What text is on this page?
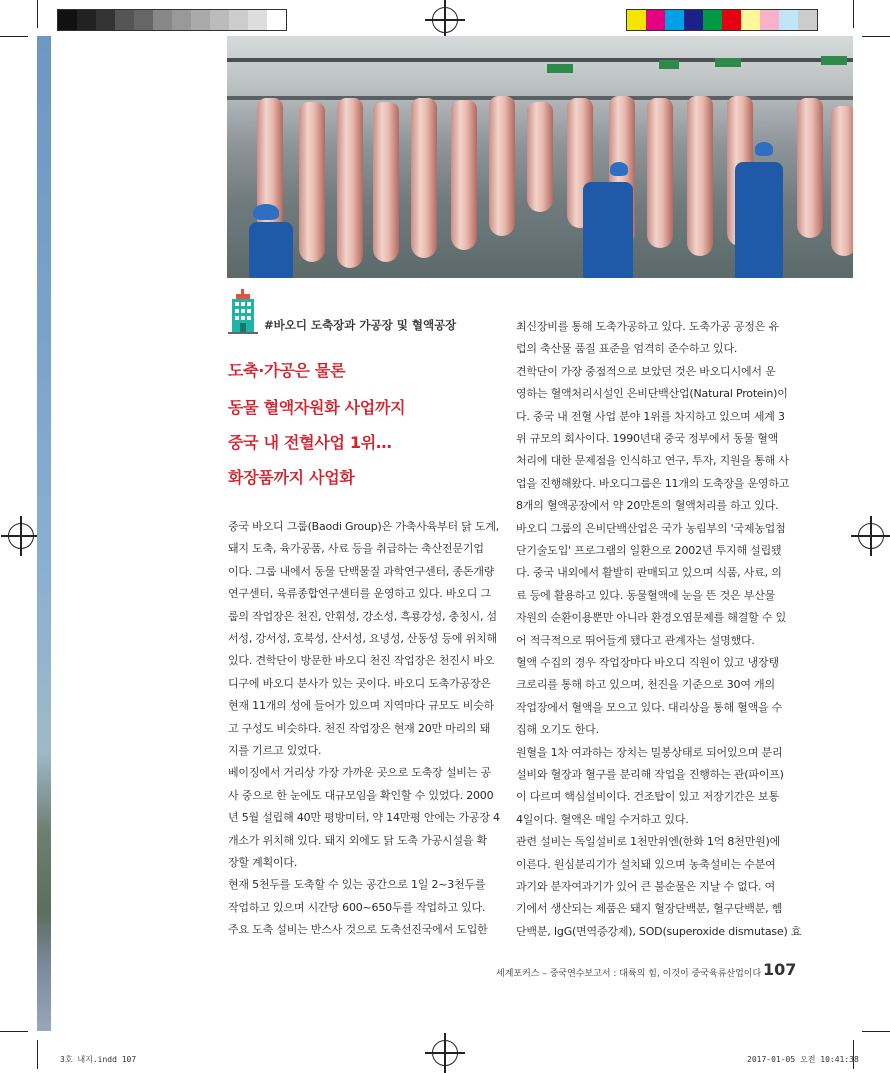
#바오디 도축장과 가공장 및 혈액공장
도축·가공은 물론
동물 혈액자원화 사업까지
중국 내 전혈사업 1위…
화장품까지 사업화
중국 바오디 그룹(Baodi Group)은 가축사육부터 닭 도계,
돼지 도축, 육가공품, 사료 등을 취급하는 축산전문기업
이다. 그룹 내에서 동물 단백물질 과학연구센터, 종돈개량
연구센터, 육류종합연구센터를 운영하고 있다. 바오디 그
룹의 작업장은 천진, 안휘성, 강소성, 흑룡강성, 충칭시, 섬
서성, 강서성, 호북성, 산서성, 요녕성, 산동성 등에 위치해
있다. 견학단이 방문한 바오디 천진 작업장은 천진시 바오
디구에 바오디 분사가 있는 곳이다. 바오디 도축가공장은
현재 11개의 성에 들어가 있으며 지역마다 규모도 비슷하
고 구성도 비슷하다. 천진 작업장은 현재 20만 마리의 돼
지를 기르고 있었다.
베이징에서 거리상 가장 가까운 곳으로 도축장 설비는 공
사 중으로 한 눈에도 대규모임을 확인할 수 있었다. 2000
년 5월 설립해 40만 평방미터, 약 14만평 안에는 가공장 4
개소가 위치해 있다. 돼지 외에도 닭 도축 가공시설을 확
장할 계획이다.
현재 5천두를 도축할 수 있는 공간으로 1일 2~3천두를
작업하고 있으며 시간당 600~650두를 작업하고 있다.
주요 도축 설비는 반스사 것으로 도축선진국에서 도입한
최신장비를 통해 도축가공하고 있다. 도축가공 공정은 유
럽의 축산물 품질 표준을 엄격히 준수하고 있다.
견학단이 가장 중점적으로 보았던 것은 바오디시에서 운
영하는 혈액처리시설인 은비단백산업(Natural Protein)이
다. 중국 내 전혈 사업 분야 1위를 차지하고 있으며 세계 3
위 규모의 회사이다. 1990년대 중국 정부에서 동물 혈액
처리에 대한 문제점을 인식하고 연구, 투자, 지원을 통해 사
업을 진행해왔다. 바오디그룹은 11개의 도축장을 운영하고
8개의 혈액공장에서 약 20만톤의 혈액처리를 하고 있다.
바오디 그룹의 은비단백산업은 국가 농림부의 '국제농업첨
단기술도입' 프로그램의 일환으로 2002년 투지해 설립됐
다. 중국 내외에서 활발히 판매되고 있으며 식품, 사료, 의
료 등에 활용하고 있다. 동물혈액에 눈을 뜬 것은 부산물
자원의 순환이용뿐만 아니라 환경오염문제를 해결할 수 있
어 적극적으로 뛰어들게 됐다고 관계자는 설명했다.
혈액 수집의 경우 작업장마다 바오디 직원이 있고 냉장탱
크로리를 통해 하고 있으며, 천진을 기준으로 30여 개의
작업장에서 혈액을 모으고 있다. 대리상을 통해 혈액을 수
집해 오기도 한다.
원혈을 1차 여과하는 장치는 밀봉상태로 되어있으며 분리
설비와 혈장과 혈구를 분리해 작업을 진행하는 관(파이프)
이 다르며 핵심설비이다. 건조탑이 있고 저장기간은 보통
4일이다. 혈액은 매일 수거하고 있다.
관련 설비는 독일설비로 1천만위엔(한화 1억 8천만원)에
이른다. 원심분리기가 설치돼 있으며 농축설비는 수분여
과기와 분자여과기가 있어 큰 불순물은 지날 수 없다. 여
기에서 생산되는 제품은 돼지 혈장단백분, 혈구단백분, 헴
단백분, IgG(면역증강제), SOD(superoxide dismutase) 효
세계포커스 – 중국연수보고서 : 대륙의 힘, 이것이 중국육류산업이다 107
3호 내지.indd 107	2017-01-05 오전 10:41:38
